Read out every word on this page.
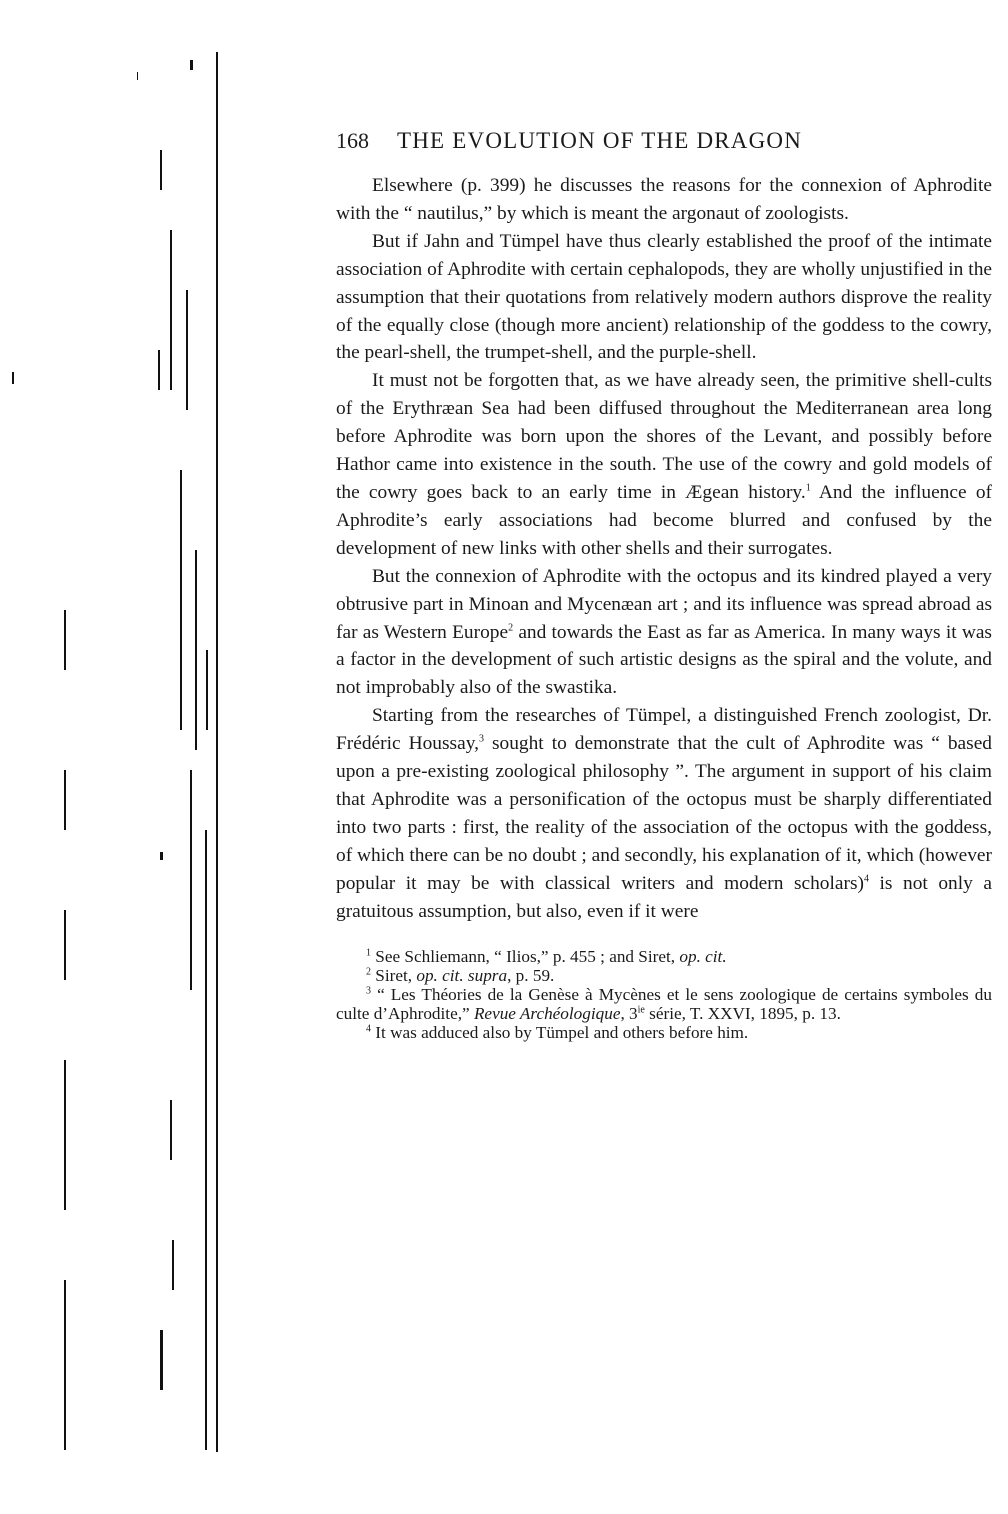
168 THE EVOLUTION OF THE DRAGON

Elsewhere (p. 399) he discusses the reasons for the connexion of Aphrodite with the “ nautilus,” by which is meant the argonaut of zoologists.

But if Jahn and Tümpel have thus clearly established the proof of the intimate association of Aphrodite with certain cephalopods, they are wholly unjustified in the assumption that their quotations from relatively modern authors disprove the reality of the equally close (though more ancient) relationship of the goddess to the cowry, the pearl-shell, the trumpet-shell, and the purple-shell.

It must not be forgotten that, as we have already seen, the primitive shell-cults of the Erythræan Sea had been diffused throughout the Mediterranean area long before Aphrodite was born upon the shores of the Levant, and possibly before Hathor came into existence in the south. The use of the cowry and gold models of the cowry goes back to an early time in Ægean history.$^1$ And the influence of Aphrodite’s early associations had become blurred and confused by the development of new links with other shells and their surrogates.

But the connexion of Aphrodite with the octopus and its kindred played a very obtrusive part in Minoan and Mycenæan art ; and its influence was spread abroad as far as Western Europe$^2$ and towards the East as far as America. In many ways it was a factor in the development of such artistic designs as the spiral and the volute, and not improbably also of the swastika.

Starting from the researches of Tümpel, a distinguished French zoologist, Dr. Frédéric Houssay,$^3$ sought to demonstrate that the cult of Aphrodite was “ based upon a pre-existing zoological philosophy ”. The argument in support of his claim that Aphrodite was a personification of the octopus must be sharply differentiated into two parts : first, the reality of the association of the octopus with the goddess, of which there can be no doubt ; and secondly, his explanation of it, which (however popular it may be with classical writers and modern scholars)$^4$ is not only a gratuitous assumption, but also, even if it were

$^1$ See Schliemann, “ Ilios,” p. 455 ; and Siret, op. cit.

$^2$ Siret, op. cit. supra, p. 59.

$^3$ “ Les Théories de la Genèse à Mycènes et le sens zoologique de certains symboles du culte d’Aphrodite,” Revue Archéologique, $3^{ie}$ série, T. XXVI, 1895, p. 13.

$^4$ It was adduced also by Tümpel and others before him.
